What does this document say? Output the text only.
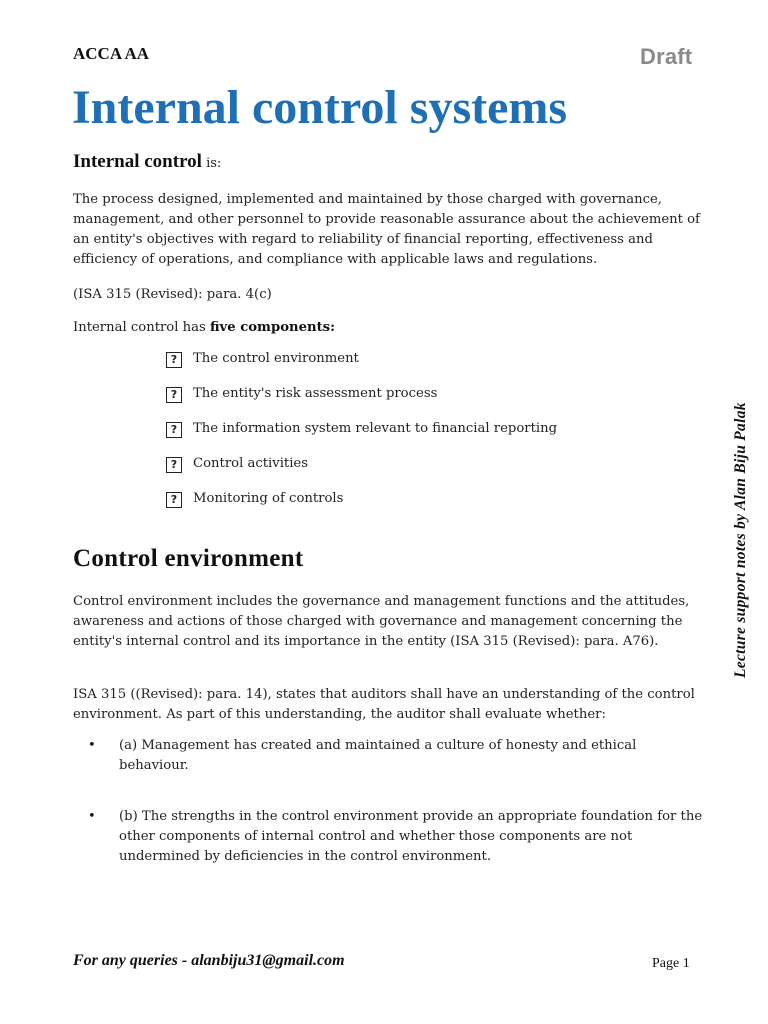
ACCA AA	Draft
Internal control systems

Internal control is:

The process designed, implemented and maintained by those charged with governance, management, and other personnel to provide reasonable assurance about the achievement of an entity's objectives with regard to reliability of financial reporting, effectiveness and efficiency of operations, and compliance with applicable laws and regulations.

(ISA 315 (Revised): para. 4(c)

Internal control has five components:

?	The control environment
?	The entity's risk assessment process
?	The information system relevant to financial reporting
?	Control activities
?	Monitoring of controls
Control environment

Control environment includes the governance and management functions and the attitudes, awareness and actions of those charged with governance and management concerning the entity's internal control and its importance in the entity (ISA 315 (Revised): para. A76).

ISA 315 ((Revised): para. 14), states that auditors shall have an understanding of the control environment. As part of this understanding, the auditor shall evaluate whether:

• (a) Management has created and maintained a culture of honesty and ethical behaviour.
• (b) The strengths in the control environment provide an appropriate foundation for the other components of internal control and whether those components are not undermined by deficiencies in the control environment.
Lecture support notes by Alan Biju Palak
For any queries - alanbiju31@gmail.com	Page 1
